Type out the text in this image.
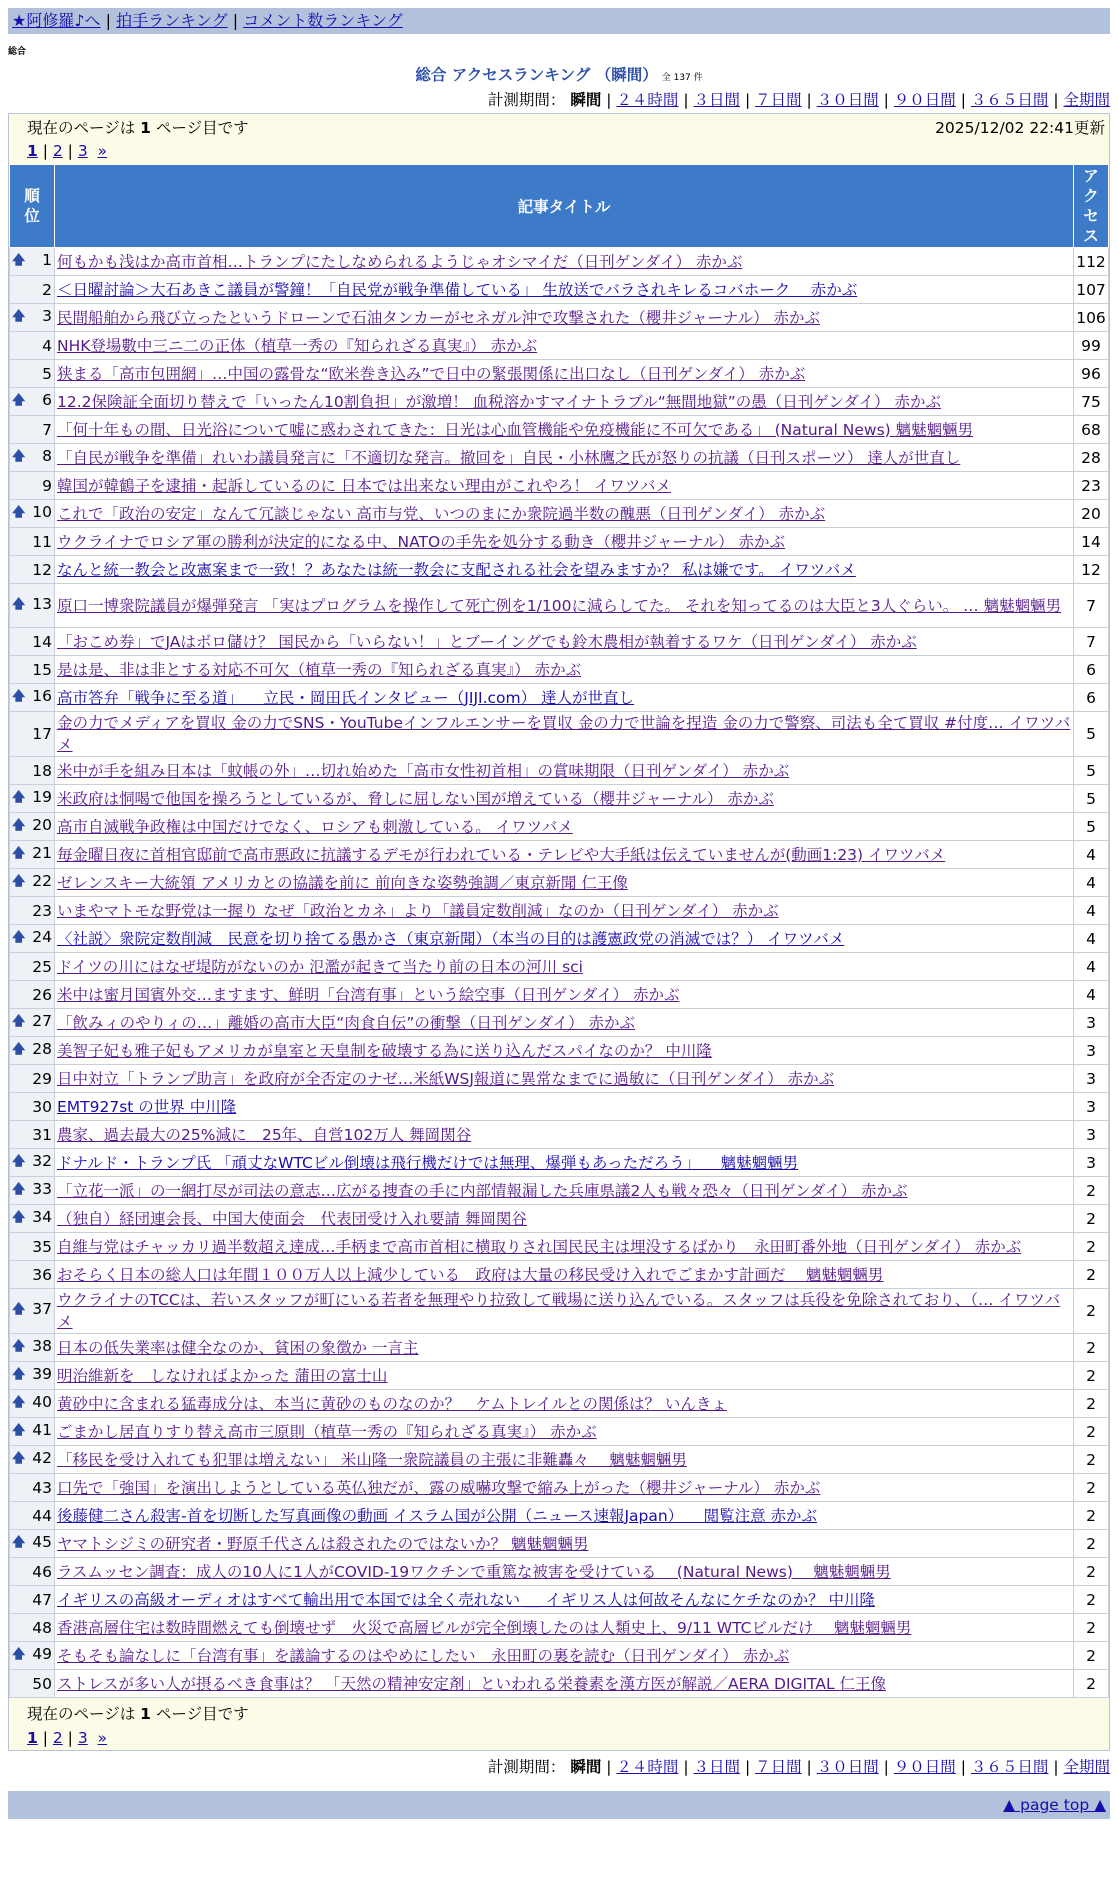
★阿修羅♪へ | 拍手ランキング | コメント数ランキング
総合
総合 アクセスランキング （瞬間） 全 137 件
計測期間： 瞬間 | ２４時間 | ３日間 | ７日間 | ３０日間 | ９０日間 | ３６５日間 | 全期間
現在のページは 1 ページ目です	2025/12/02 22:41更新
1 | 2 | 3 »
順位	記事タイトル	アクセス

🡅 1	何もかも浅はか高市首相…トランプにたしなめられるようじゃオシマイだ（日刊ゲンダイ） 赤かぶ	112
2	＜日曜討論＞大石あきこ議員が警鐘！「自民党が戦争準備している」 生放送でバラされキレるコバホーク 　赤かぶ	107

🡅 3	民間船舶から飛び立ったというドローンで石油タンカーがセネガル沖で攻撃された（櫻井ジャーナル） 赤かぶ	106
4	NHK登場數中三ニ二の正体（植草一秀の『知られざる真実』） 赤かぶ	99
5	狭まる「高市包囲網」…中国の露骨な“欧米巻き込み”で日中の緊張関係に出口なし（日刊ゲンダイ） 赤かぶ	96

🡅 6	12.2保険証全面切り替えで「いったん10割負担」が激増！ 血税溶かすマイナトラブル“無間地獄”の愚（日刊ゲンダイ） 赤かぶ	75
7	「何十年もの間、日光浴について嘘に惑わされてきた：日光は心血管機能や免疫機能に不可欠である」 (Natural News) 魑魅魍魎男	68

🡅 8	「自民が戦争を準備」れいわ議員発言に「不適切な発言。撤回を」自民・小林鷹之氏が怒りの抗議（日刊スポーツ） 達人が世直し	28
9	韓国が韓鶴子を逮捕・起訴しているのに 日本では出来ない理由がこれやろ！ イワツバメ	23

🡅 10	これで「政治の安定」なんて冗談じゃない 高市与党、いつのまにか衆院過半数の醜悪（日刊ゲンダイ） 赤かぶ	20
11	ウクライナでロシア軍の勝利が決定的になる中、NATOの手先を処分する動き（櫻井ジャーナル） 赤かぶ	14
12	なんと統一教会と改憲案まで一致！？あなたは統一教会に支配される社会を望みますか？ 私は嫌です。 イワツバメ	12

🡅 13	原口一博衆院議員が爆弾発言 「実はプログラムを操作して死亡例を1/100に減らしてた。 それを知ってるのは大臣と3人ぐらい。 … 魑魅魍魎男	7
14	「おこめ券」でJAはボロ儲け？ 国民から「いらない！」とブーイングでも鈴木農相が執着するワケ（日刊ゲンダイ） 赤かぶ	7
15	是は是、非は非とする対応不可欠（植草一秀の『知られざる真実』） 赤かぶ	6

🡅 16	高市答弁「戦争に至る道」 　立民・岡田氏インタビュー（JIJI.com） 達人が世直し	6
17	金の力でメディアを買収 金の力でSNS・YouTubeインフルエンサーを買収 金の力で世論を捏造 金の力で警察、司法も全て買収 #付度… イワツバメ	5
18	米中が手を組み日本は「蚊帳の外」…切れ始めた「高市女性初首相」の賞味期限（日刊ゲンダイ） 赤かぶ	5

🡅 19	米政府は恫喝で他国を操ろうとしているが、脅しに屈しない国が増えている（櫻井ジャーナル） 赤かぶ	5

🡅 20	高市自滅戦争政権は中国だけでなく、ロシアも刺激している。 イワツバメ	5

🡅 21	毎金曜日夜に首相官邸前で高市悪政に抗議するデモが行われている・テレビや大手紙は伝えていませんが(動画1:23) イワツバメ	4

🡅 22	ゼレンスキー大統領 アメリカとの協議を前に 前向きな姿勢強調／東京新聞 仁王像	4
23	いまやマトモな野党は一握り なぜ「政治とカネ」より「議員定数削減」なのか（日刊ゲンダイ） 赤かぶ	4

🡅 24	〈社説〉衆院定数削減　民意を切り捨てる愚かさ（東京新聞）（本当の目的は護憲政党の消滅では？） イワツバメ	4
25	ドイツの川にはなぜ堤防がないのか 氾濫が起きて当たり前の日本の河川 sci	4
26	米中は蜜月国賓外交…ますます、鮮明「台湾有事」という絵空事（日刊ゲンダイ） 赤かぶ	4

🡅 27	「飲みィのやりィの…」離婚の高市大臣“肉食自伝”の衝撃（日刊ゲンダイ） 赤かぶ	3

🡅 28	美智子妃も雅子妃もアメリカが皇室と天皇制を破壊する為に送り込んだスパイなのか？ 中川隆	3
29	日中対立「トランプ助言」を政府が全否定のナゼ…米紙WSJ報道に異常なまでに過敏に（日刊ゲンダイ） 赤かぶ	3
30	EMT927st の世界 中川隆	3
31	農家、過去最大の25%減に　25年、自営102万人 舞岡関谷	3

🡅 32	ドナルド・トランプ氏 「頑丈なWTCビル倒壊は飛行機だけでは無理、爆弾もあっただろう」 　魑魅魍魎男	3

🡅 33	「立花一派」の一網打尽が司法の意志…広がる捜査の手に内部情報漏した兵庫県議2人も戦々恐々（日刊ゲンダイ） 赤かぶ	2

🡅 34	（独自）経団連会長、中国大使面会　代表団受け入れ要請 舞岡関谷	2
35	自維与党はチャッカリ過半数超え達成…手柄まで高市首相に横取りされ国民民主は埋没するばかり　永田町番外地（日刊ゲンダイ） 赤かぶ	2
36	おそらく日本の総人口は年間１００万人以上減少している　政府は大量の移民受け入れでごまかす計画だ 　魑魅魍魎男	2

🡅 37	ウクライナのTCCは、若いスタッフが町にいる若者を無理やり拉致して戦場に送り込んでいる。スタッフは兵役を免除されており、（… イワツバメ	2

🡅 38	日本の低失業率は健全なのか、貧困の象徴か 一言主	2

🡅 39	明治維新を　しなければよかった 蒲田の富士山	2

🡅 40	黄砂中に含まれる猛毒成分は、本当に黄砂のものなのか？　ケムトレイルとの関係は？ いんきょ	2

🡅 41	ごまかし居直りすり替え高市三原則（植草一秀の『知られざる真実』） 赤かぶ	2

🡅 42	「移民を受け入れても犯罪は増えない」 米山隆一衆院議員の主張に非難轟々 　魑魅魍魎男	2
43	口先で「強国」を演出しようとしている英仏独だが、露の威嚇攻撃で縮み上がった（櫻井ジャーナル） 赤かぶ	2
44	後藤健二さん殺害-首を切断した写真画像の動画 イスラム国が公開（ニュース速報Japan） 　閲覧注意 赤かぶ	2

🡅 45	ヤマトシジミの研究者・野原千代さんは殺されたのではないか？ 魑魅魍魎男	2
46	ラスムッセン調査：成人の10人に1人がCOVID-19ワクチンで重篤な被害を受けている 　(Natural News) 　魑魅魍魎男	2
47	イギリスの高級オーディオはすべて輸出用で本国では全く売れない ＿ イギリス人は何故そんなにケチなのか？ 中川隆	2
48	香港高層住宅は数時間燃えても倒壊せず　火災で高層ビルが完全倒壊したのは人類史上、9/11 WTCビルだけ 　魑魅魍魎男	2

🡅 49	そもそも論なしに「台湾有事」を議論するのはやめにしたい　永田町の裏を読む（日刊ゲンダイ） 赤かぶ	2
50	ストレスが多い人が摂るべき食事は？ 「天然の精神安定剤」といわれる栄養素を漢方医が解説／AERA DIGITAL 仁王像	2
現在のページは 1 ページ目です
1 | 2 | 3 »
計測期間： 瞬間 | ２４時間 | ３日間 | ７日間 | ３０日間 | ９０日間 | ３６５日間 | 全期間
▲ page top ▲
